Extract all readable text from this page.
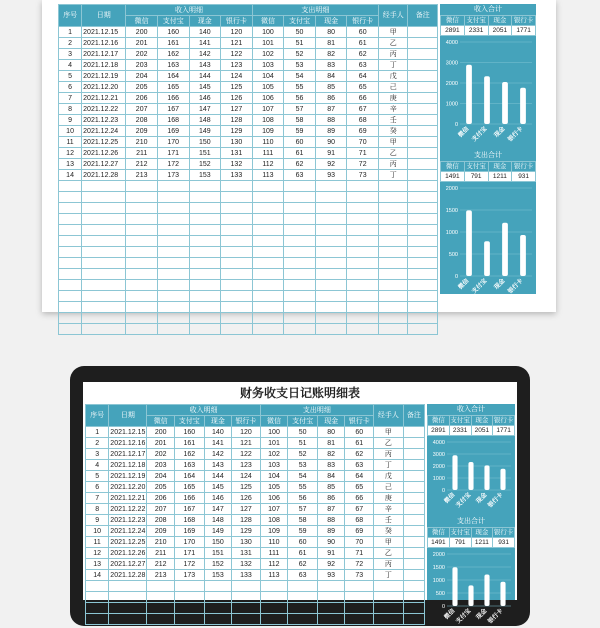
序号	日期	收入明细				支出明细				经手人	备注
		微信	支付宝	现金	银行卡	微信	支付宝	现金	银行卡		
1	2021.12.15	200	160	140	120	100	50	80	60	甲	
2	2021.12.16	201	161	141	121	101	51	81	61	乙	
3	2021.12.17	202	162	142	122	102	52	82	62	丙	
4	2021.12.18	203	163	143	123	103	53	83	63	丁	
5	2021.12.19	204	164	144	124	104	54	84	64	戊	
6	2021.12.20	205	165	145	125	105	55	85	65	己	
7	2021.12.21	206	166	146	126	106	56	86	66	庚	
8	2021.12.22	207	167	147	127	107	57	87	67	辛	
9	2021.12.23	208	168	148	128	108	58	88	68	壬	
10	2021.12.24	209	169	149	129	109	59	89	69	癸	
11	2021.12.25	210	170	150	130	110	60	90	70	甲	
12	2021.12.26	211	171	151	131	111	61	91	71	乙	
13	2021.12.27	212	172	152	132	112	62	92	72	丙	
14	2021.12.28	213	173	153	133	113	63	93	73	丁	

收入合计
微信	支付宝	现金	银行卡
2891	2331	2051	1771
0
1000
2000
3000
4000
微信 支付宝 现金 银行卡
支出合计
微信	支付宝	现金	银行卡
1491	791	1211	931
0
500
1000
1500
2000
微信 支付宝 现金 银行卡
财务收支日记账明细表
序号	日期	收入明细				支出明细				经手人	备注
		微信	支付宝	现金	银行卡	微信	支付宝	现金	银行卡		
1	2021.12.15	200	160	140	120	100	50	80	60	甲	
2	2021.12.16	201	161	141	121	101	51	81	61	乙	
3	2021.12.17	202	162	142	122	102	52	82	62	丙	
4	2021.12.18	203	163	143	123	103	53	83	63	丁	
5	2021.12.19	204	164	144	124	104	54	84	64	戊	
6	2021.12.20	205	165	145	125	105	55	85	65	己	
7	2021.12.21	206	166	146	126	106	56	86	66	庚	
8	2021.12.22	207	167	147	127	107	57	87	67	辛	
9	2021.12.23	208	168	148	128	108	58	88	68	壬	
10	2021.12.24	209	169	149	129	109	59	89	69	癸	
11	2021.12.25	210	170	150	130	110	60	90	70	甲	
12	2021.12.26	211	171	151	131	111	61	91	71	乙	
13	2021.12.27	212	172	152	132	112	62	92	72	丙	
14	2021.12.28	213	173	153	133	113	63	93	73	丁	

收入合计
微信	支付宝	现金	银行卡
2891	2331	2051	1771
0
1000
2000
3000
4000
微信 支付宝 现金 银行卡
支出合计
微信	支付宝	现金	银行卡
1491	791	1211	931
0
500
1000
1500
2000
微信 支付宝 现金 银行卡
